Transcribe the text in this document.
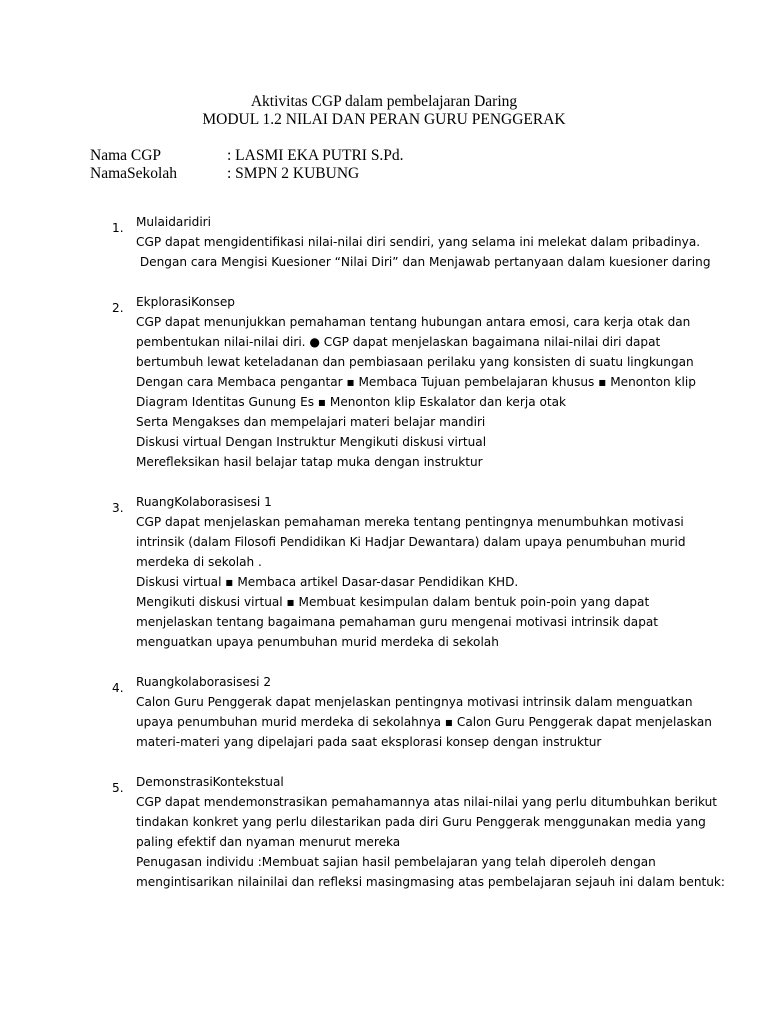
Aktivitas CGP dalam pembelajaran Daring
MODUL 1.2 NILAI DAN PERAN GURU PENGGERAK
Nama CGP	: LASMI EKA PUTRI S.Pd.
NamaSekolah	: SMPN 2 KUBUNG
1. Mulaidaridiri
CGP dapat mengidentifikasi nilai-nilai diri sendiri, yang selama ini melekat dalam pribadinya.
Dengan cara Mengisi Kuesioner “Nilai Diri” dan Menjawab pertanyaan dalam kuesioner daring
2. EkplorasiKonsep
CGP dapat menunjukkan pemahaman tentang hubungan antara emosi, cara kerja otak dan
pembentukan nilai-nilai diri. ● CGP dapat menjelaskan bagaimana nilai-nilai diri dapat
bertumbuh lewat keteladanan dan pembiasaan perilaku yang konsisten di suatu lingkungan
Dengan cara Membaca pengantar ▪ Membaca Tujuan pembelajaran khusus ▪ Menonton klip
Diagram Identitas Gunung Es ▪ Menonton klip Eskalator dan kerja otak
Serta Mengakses dan mempelajari materi belajar mandiri
Diskusi virtual Dengan Instruktur Mengikuti diskusi virtual
Merefleksikan hasil belajar tatap muka dengan instruktur
3. RuangKolaborasisesi 1
CGP dapat menjelaskan pemahaman mereka tentang pentingnya menumbuhkan motivasi
intrinsik (dalam Filosofi Pendidikan Ki Hadjar Dewantara) dalam upaya penumbuhan murid
merdeka di sekolah .
Diskusi virtual ▪ Membaca artikel Dasar-dasar Pendidikan KHD.
Mengikuti diskusi virtual ▪ Membuat kesimpulan dalam bentuk poin-poin yang dapat
menjelaskan tentang bagaimana pemahaman guru mengenai motivasi intrinsik dapat
menguatkan upaya penumbuhan murid merdeka di sekolah
4. Ruangkolaborasisesi 2
Calon Guru Penggerak dapat menjelaskan pentingnya motivasi intrinsik dalam menguatkan
upaya penumbuhan murid merdeka di sekolahnya ▪ Calon Guru Penggerak dapat menjelaskan
materi-materi yang dipelajari pada saat eksplorasi konsep dengan instruktur
5. DemonstrasiKontekstual
CGP dapat mendemonstrasikan pemahamannya atas nilai-nilai yang perlu ditumbuhkan berikut
tindakan konkret yang perlu dilestarikan pada diri Guru Penggerak menggunakan media yang
paling efektif dan nyaman menurut mereka
Penugasan individu :Membuat sajian hasil pembelajaran yang telah diperoleh dengan
mengintisarikan nilainilai dan refleksi masingmasing atas pembelajaran sejauh ini dalam bentuk:
